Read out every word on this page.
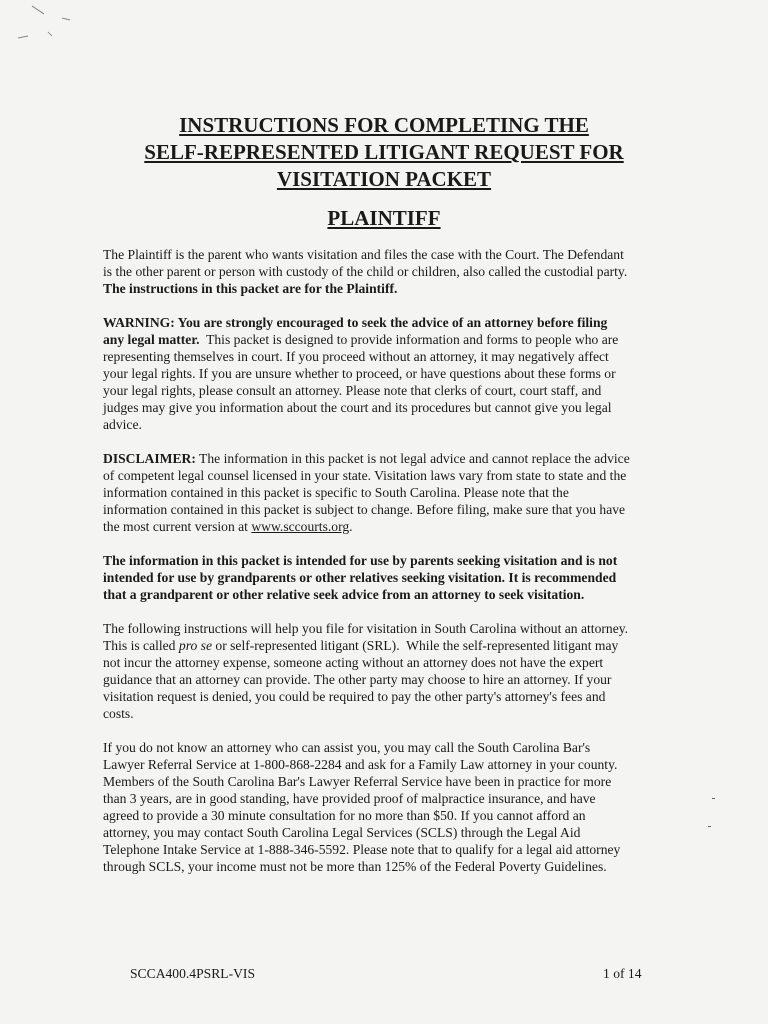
INSTRUCTIONS FOR COMPLETING THE
SELF-REPRESENTED LITIGANT REQUEST FOR
VISITATION PACKET
PLAINTIFF
The Plaintiff is the parent who wants visitation and files the case with the Court. The Defendant
is the other parent or person with custody of the child or children, also called the custodial party.
The instructions in this packet are for the Plaintiff.
WARNING: You are strongly encouraged to seek the advice of an attorney before filing
any legal matter.  This packet is designed to provide information and forms to people who are
representing themselves in court. If you proceed without an attorney, it may negatively affect
your legal rights. If you are unsure whether to proceed, or have questions about these forms or
your legal rights, please consult an attorney. Please note that clerks of court, court staff, and
judges may give you information about the court and its procedures but cannot give you legal
advice.
DISCLAIMER: The information in this packet is not legal advice and cannot replace the advice
of competent legal counsel licensed in your state. Visitation laws vary from state to state and the
information contained in this packet is specific to South Carolina. Please note that the
information contained in this packet is subject to change. Before filing, make sure that you have
the most current version at www.sccourts.org.
The information in this packet is intended for use by parents seeking visitation and is not
intended for use by grandparents or other relatives seeking visitation. It is recommended
that a grandparent or other relative seek advice from an attorney to seek visitation.
The following instructions will help you file for visitation in South Carolina without an attorney.
This is called pro se or self-represented litigant (SRL).  While the self-represented litigant may
not incur the attorney expense, someone acting without an attorney does not have the expert
guidance that an attorney can provide. The other party may choose to hire an attorney. If your
visitation request is denied, you could be required to pay the other party's attorney's fees and
costs.
If you do not know an attorney who can assist you, you may call the South Carolina Bar's
Lawyer Referral Service at 1-800-868-2284 and ask for a Family Law attorney in your county.
Members of the South Carolina Bar's Lawyer Referral Service have been in practice for more
than 3 years, are in good standing, have provided proof of malpractice insurance, and have
agreed to provide a 30 minute consultation for no more than $50. If you cannot afford an
attorney, you may contact South Carolina Legal Services (SCLS) through the Legal Aid
Telephone Intake Service at 1-888-346-5592. Please note that to qualify for a legal aid attorney
through SCLS, your income must not be more than 125% of the Federal Poverty Guidelines.
SCCA400.4PSRL-VIS	1 of 14
